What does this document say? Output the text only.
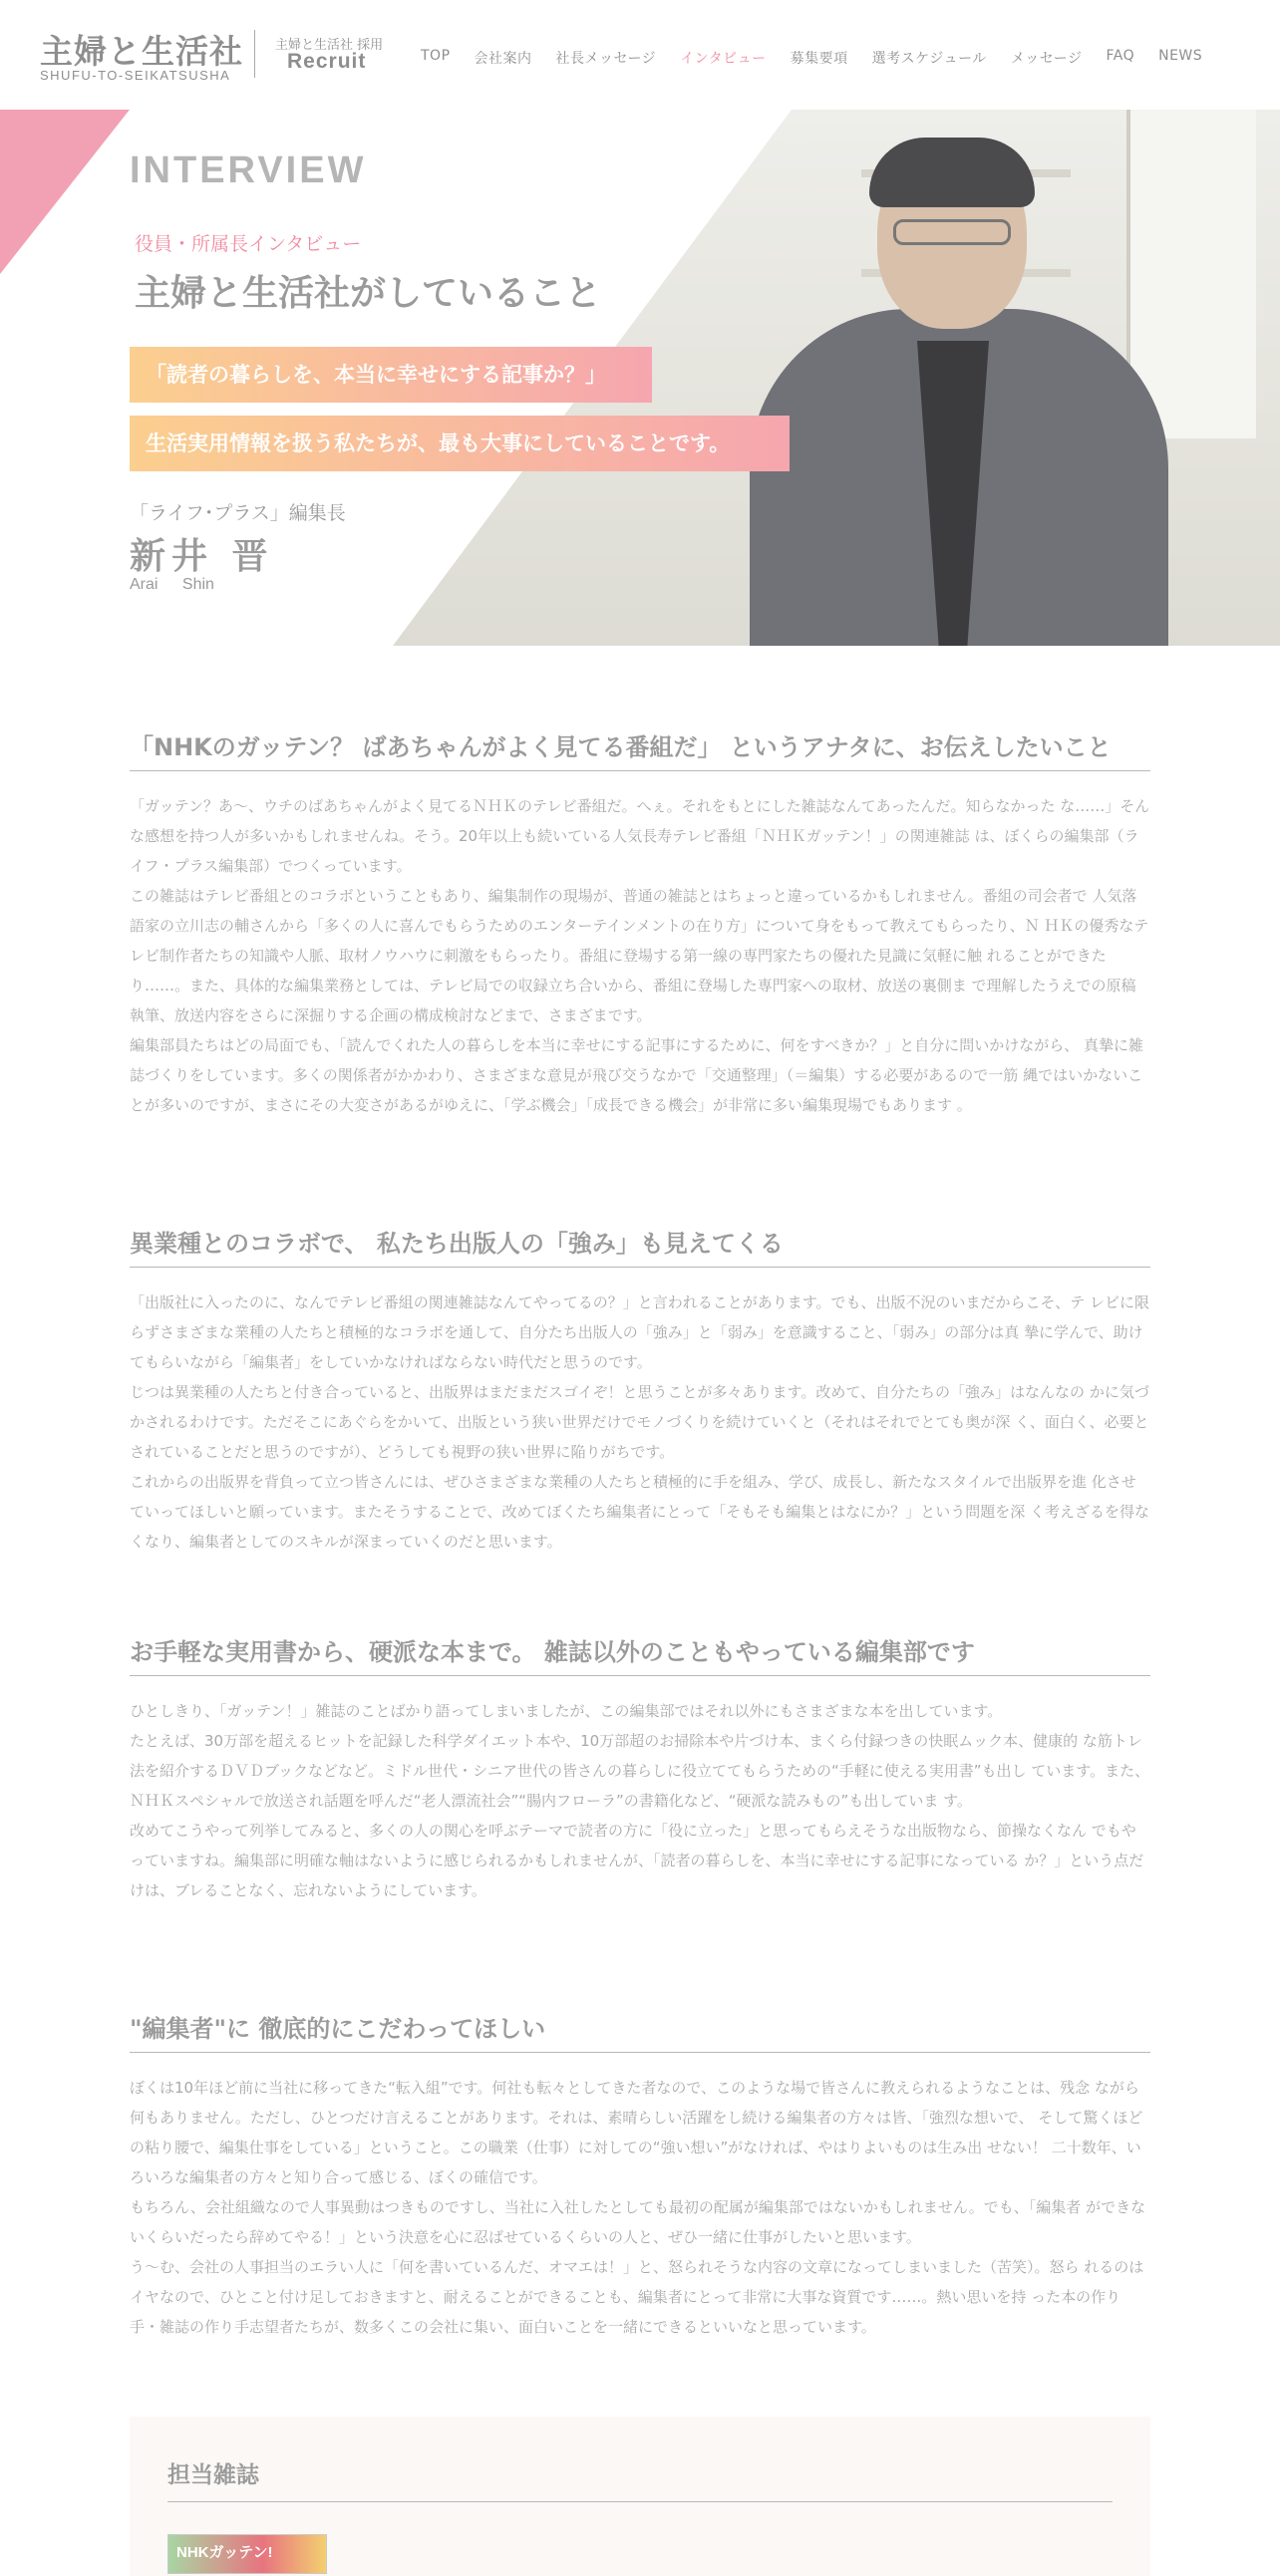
主婦と生活社
SHUFU-TO-SEIKATSUSHA
主婦と生活社 採用
Recruit	TOP 会社案内 社長メッセージ インタビュー 募集要項 選考スケジュール メッセージ FAQ NEWS
INTERVIEW
役員・所属長インタビュー
主婦と生活社がしていること
「読者の暮らしを、本当に幸せにする記事か？」
生活実用情報を扱う私たちが、最も大事にしていることです。
「ライフ･プラス」編集長
新井 晋
Arai Shin
「NHKのガッテン？ ばあちゃんがよく見てる番組だ」 というアナタに、お伝えしたいこと

「ガッテン？あ～、ウチのばあちゃんがよく見てるＮＨＫのテレビ番組だ。へぇ。それをもとにした雑誌なんてあったんだ。知らなかった な……」そんな感想を持つ人が多いかもしれませんね。そう。20年以上も続いている人気長寿テレビ番組「ＮＨＫガッテン！」の関連雑誌 は、ぼくらの編集部（ライフ・プラス編集部）でつくっています。

この雑誌はテレビ番組とのコラボということもあり、編集制作の現場が、普通の雑誌とはちょっと違っているかもしれません。番組の司会者で 人気落語家の立川志の輔さんから「多くの人に喜んでもらうためのエンターテインメントの在り方」について身をもって教えてもらったり、Ｎ ＨＫの優秀なテレビ制作者たちの知識や人脈、取材ノウハウに刺激をもらったり。番組に登場する第一線の専門家たちの優れた見識に気軽に触 れることができたり……。また、具体的な編集業務としては、テレビ局での収録立ち合いから、番組に登場した専門家への取材、放送の裏側ま で理解したうえでの原稿執筆、放送内容をさらに深掘りする企画の構成検討などまで、さまざまです。

編集部員たちはどの局面でも、「読んでくれた人の暮らしを本当に幸せにする記事にするために、何をすべきか？」と自分に問いかけながら、 真摯に雑誌づくりをしています。多くの関係者がかかわり、さまざまな意見が飛び交うなかで「交通整理」（＝編集）する必要があるので一筋 縄ではいかないことが多いのですが、まさにその大変さがあるがゆえに、「学ぶ機会」「成長できる機会」が非常に多い編集現場でもあります 。

異業種とのコラボで、 私たち出版人の「強み」も見えてくる

「出版社に入ったのに、なんでテレビ番組の関連雑誌なんてやってるの？」と言われることがあります。でも、出版不況のいまだからこそ、テ レビに限らずさまざまな業種の人たちと積極的なコラボを通して、自分たち出版人の「強み」と「弱み」を意識すること、「弱み」の部分は真 摯に学んで、助けてもらいながら「編集者」をしていかなければならない時代だと思うのです。

じつは異業種の人たちと付き合っていると、出版界はまだまだスゴイぞ！と思うことが多々あります。改めて、自分たちの「強み」はなんなの かに気づかされるわけです。ただそこにあぐらをかいて、出版という狭い世界だけでモノづくりを続けていくと（それはそれでとても奥が深 く、面白く、必要とされていることだと思うのですが）、どうしても視野の狭い世界に陥りがちです。

これからの出版界を背負って立つ皆さんには、ぜひさまざまな業種の人たちと積極的に手を組み、学び、成長し、新たなスタイルで出版界を進 化させていってほしいと願っています。またそうすることで、改めてぼくたち編集者にとって「そもそも編集とはなにか？」という問題を深 く考えざるを得なくなり、編集者としてのスキルが深まっていくのだと思います。

お手軽な実用書から、硬派な本まで。 雑誌以外のこともやっている編集部です

ひとしきり、「ガッテン！」雑誌のことばかり語ってしまいましたが、この編集部ではそれ以外にもさまざまな本を出しています。

たとえば、30万部を超えるヒットを記録した科学ダイエット本や、10万部超のお掃除本や片づけ本、まくら付録つきの快眠ムック本、健康的 な筋トレ法を紹介するＤＶＤブックなどなど。ミドル世代・シニア世代の皆さんの暮らしに役立ててもらうための“手軽に使える実用書”も出し ています。また、ＮＨＫスペシャルで放送され話題を呼んだ“老人漂流社会”“腸内フローラ”の書籍化など、“硬派な読みもの”も出していま す。

改めてこうやって列挙してみると、多くの人の関心を呼ぶテーマで読者の方に「役に立った」と思ってもらえそうな出版物なら、節操なくなん でもやっていますね。編集部に明確な軸はないように感じられるかもしれませんが、「読者の暮らしを、本当に幸せにする記事になっている か？」という点だけは、ブレることなく、忘れないようにしています。

"編集者"に 徹底的にこだわってほしい

ぼくは10年ほど前に当社に移ってきた“転入組”です。何社も転々としてきた者なので、このような場で皆さんに教えられるようなことは、残念 ながら何もありません。ただし、ひとつだけ言えることがあります。それは、素晴らしい活躍をし続ける編集者の方々は皆、「強烈な想いで、 そして驚くほどの粘り腰で、編集仕事をしている」ということ。この職業（仕事）に対しての“強い想い”がなければ、やはりよいものは生み出 せない！ 二十数年、いろいろな編集者の方々と知り合って感じる、ぼくの確信です。

もちろん、会社組織なので人事異動はつきものですし、当社に入社したとしても最初の配属が編集部ではないかもしれません。でも、「編集者 ができないくらいだったら辞めてやる！」という決意を心に忍ばせているくらいの人と、ぜひ一緒に仕事がしたいと思います。

う～む、会社の人事担当のエラい人に「何を書いているんだ、オマエは！」と、怒られそうな内容の文章になってしまいました（苦笑）。怒ら れるのはイヤなので、ひとこと付け足しておきますと、耐えることができることも、編集者にとって非常に大事な資質です……。熱い思いを持 った本の作り手・雑誌の作り手志望者たちが、数多くこの会社に集い、面白いことを一緒にできるといいなと思っています。

担当雑誌
NHKガッテン!
